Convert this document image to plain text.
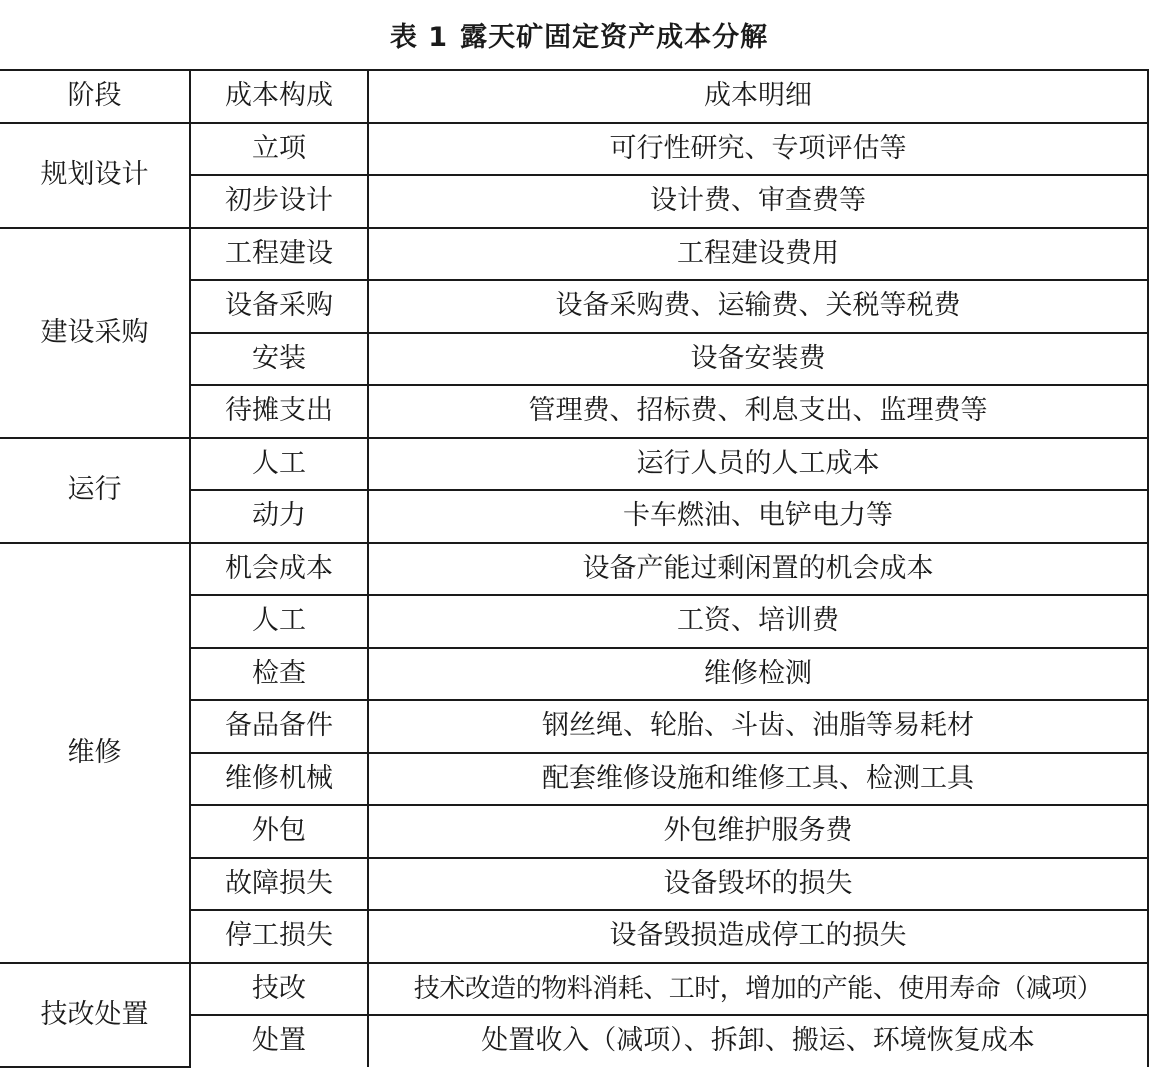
表 1 露天矿固定资产成本分解
阶段	成本构成	成本明细
规划设计	立项	可行性研究、专项评估等
	初步设计	设计费、审查费等
建设采购	工程建设	工程建设费用
	设备采购	设备采购费、运输费、关税等税费
	安装	设备安装费
	待摊支出	管理费、招标费、利息支出、监理费等
运行	人工	运行人员的人工成本
	动力	卡车燃油、电铲电力等
维修	机会成本	设备产能过剩闲置的机会成本
	人工	工资、培训费
	检查	维修检测
	备品备件	钢丝绳、轮胎、斗齿、油脂等易耗材
	维修机械	配套维修设施和维修工具、检测工具
	外包	外包维护服务费
	故障损失	设备毁坏的损失
	停工损失	设备毁损造成停工的损失
技改处置	技改	技术改造的物料消耗、工时，增加的产能、使用寿命（减项）
	处置	处置收入（减项）、拆卸、搬运、环境恢复成本
